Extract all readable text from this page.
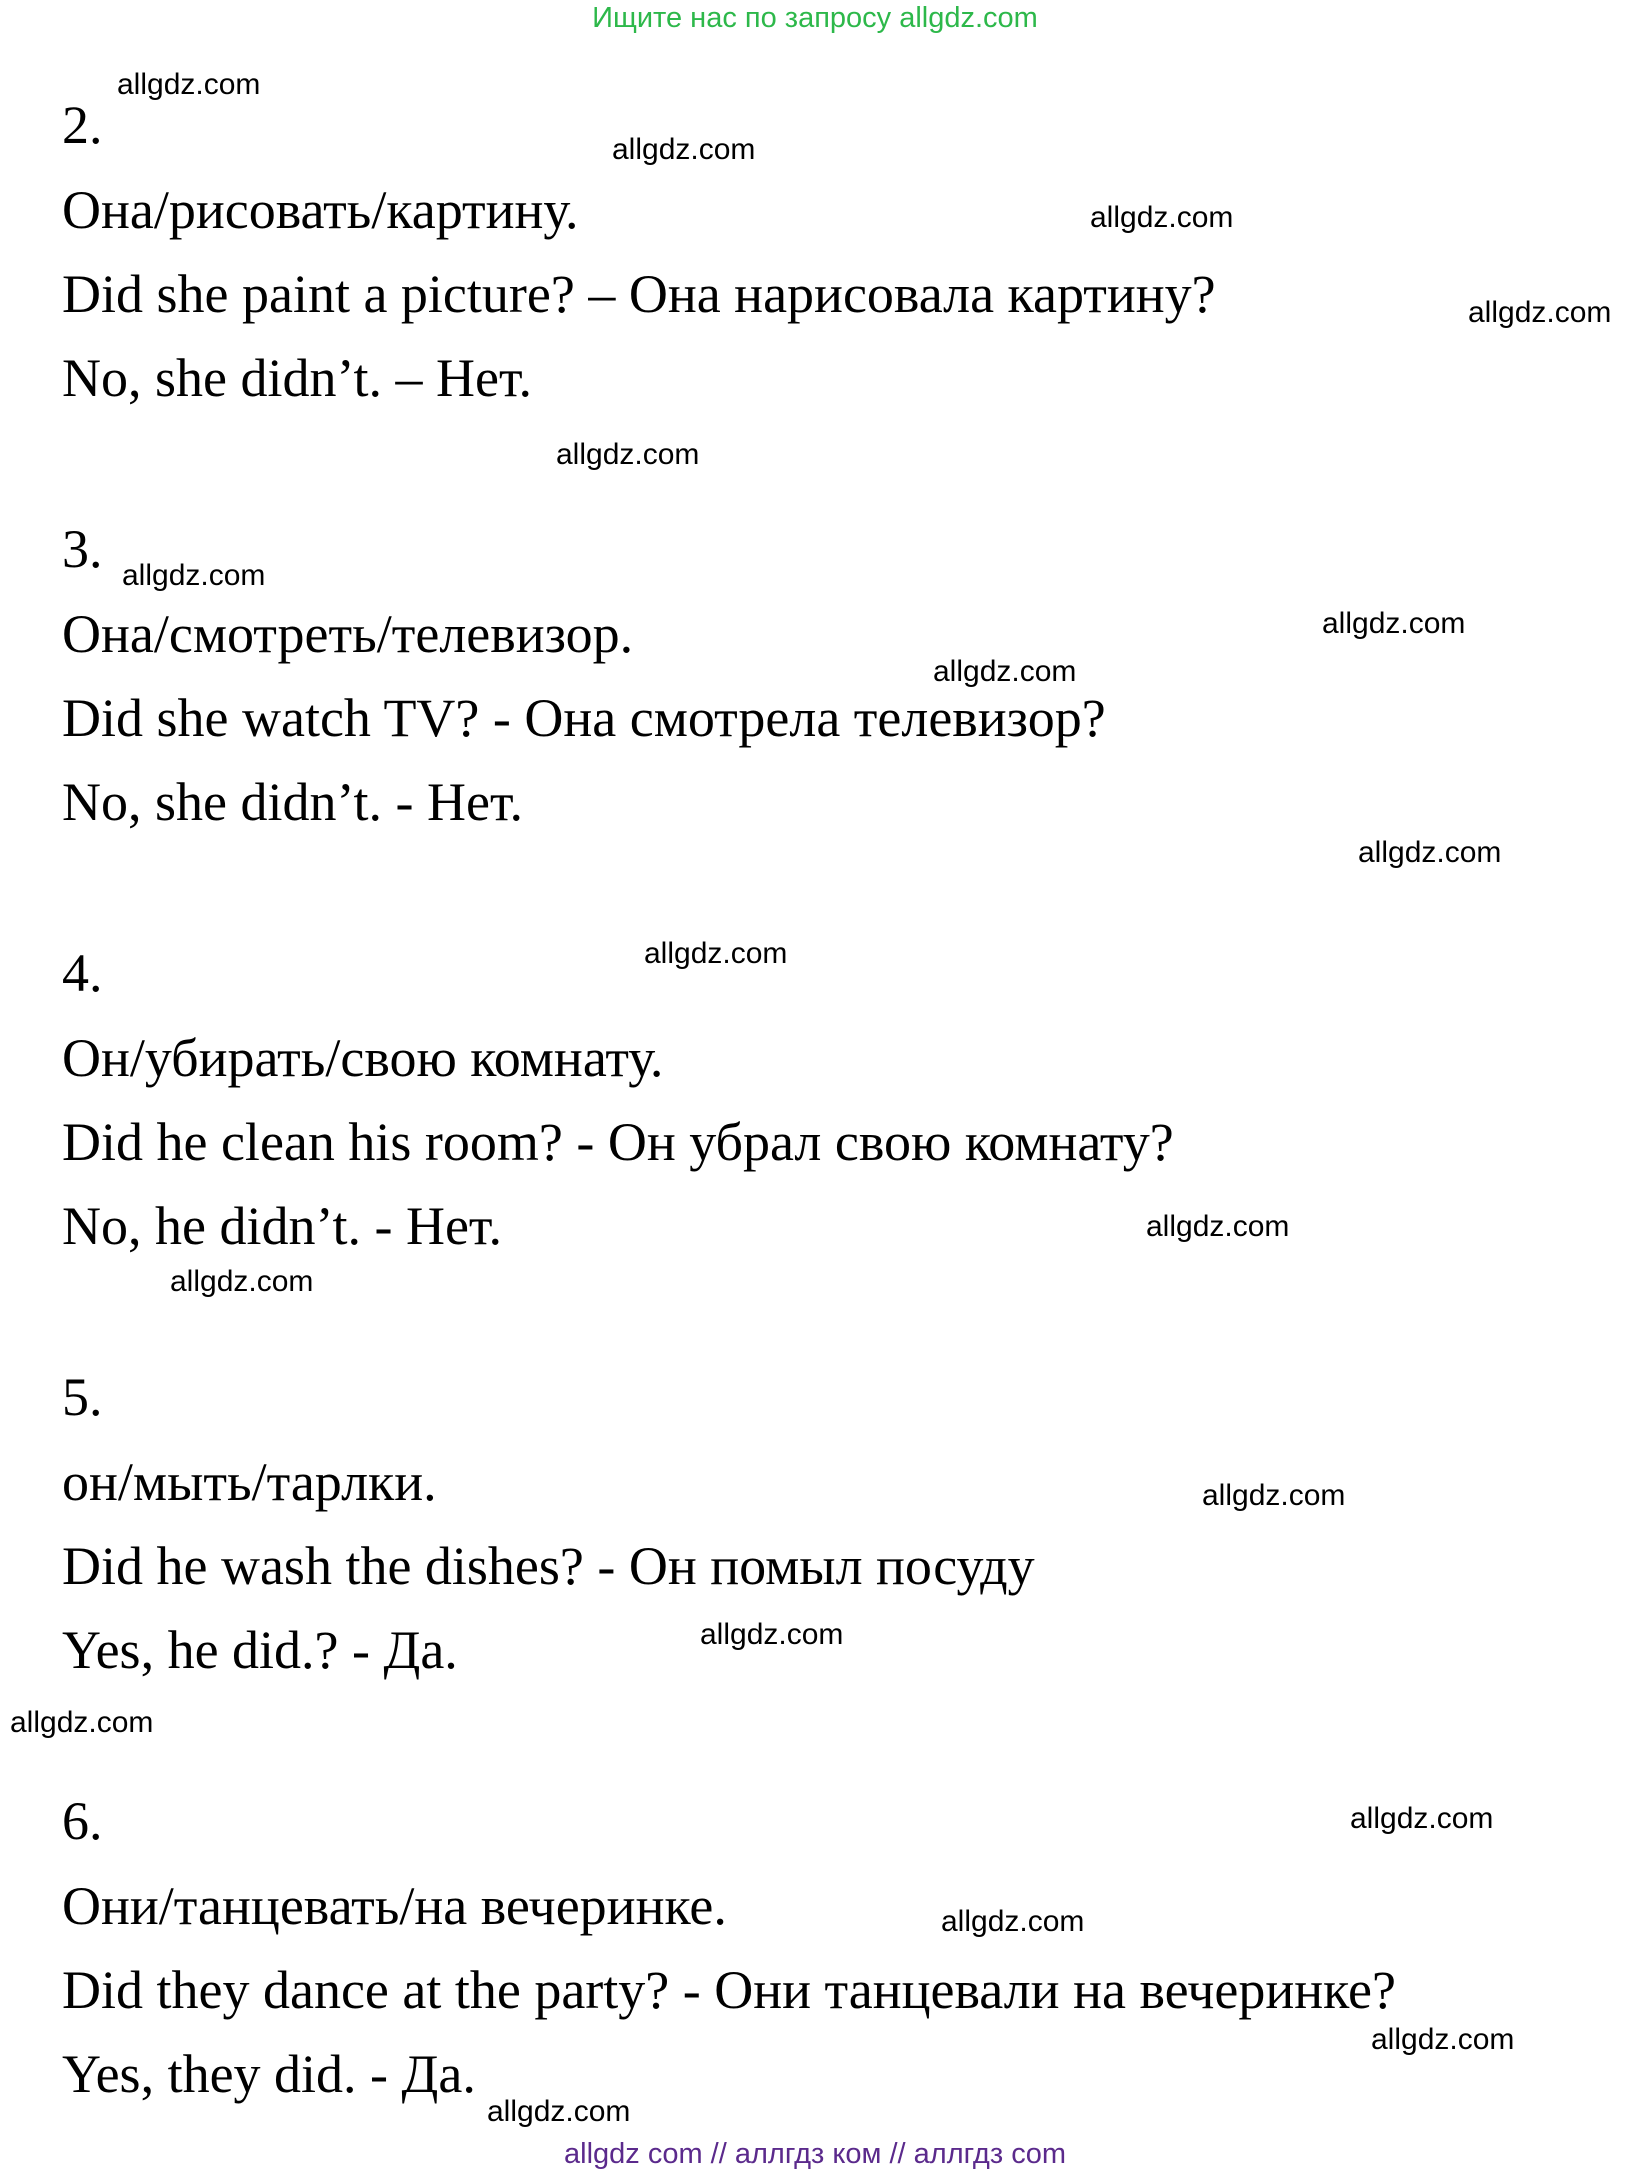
Ищите нас по запросу allgdz.com
2.
Она/рисовать/картину.
Did she paint a picture? – Она нарисовала картину?
No, she didn’t. – Нет.
3.
Она/смотреть/телевизор.
Did she watch TV? - Она смотрела телевизор?
No, she didn’t. - Нет.
4.
Он/убирать/свою комнату.
Did he clean his room? - Он убрал свою комнату?
No, he didn’t. - Нет.
5.
он/мыть/тарлки.
Did he wash the dishes? - Он помыл посуду
Yes, he did.? - Да.
6.
Они/танцевать/на вечеринке.
Did they dance at the party? - Они танцевали на вечеринке?
Yes, they did. - Да.
allgdz.com
allgdz.com
allgdz.com
allgdz.com
allgdz.com
allgdz.com
allgdz.com
allgdz.com
allgdz.com
allgdz.com
allgdz.com
allgdz.com
allgdz.com
allgdz.com
allgdz.com
allgdz.com
allgdz.com
allgdz.com
allgdz.com
allgdz com // аллгдз ком // аллгдз com
